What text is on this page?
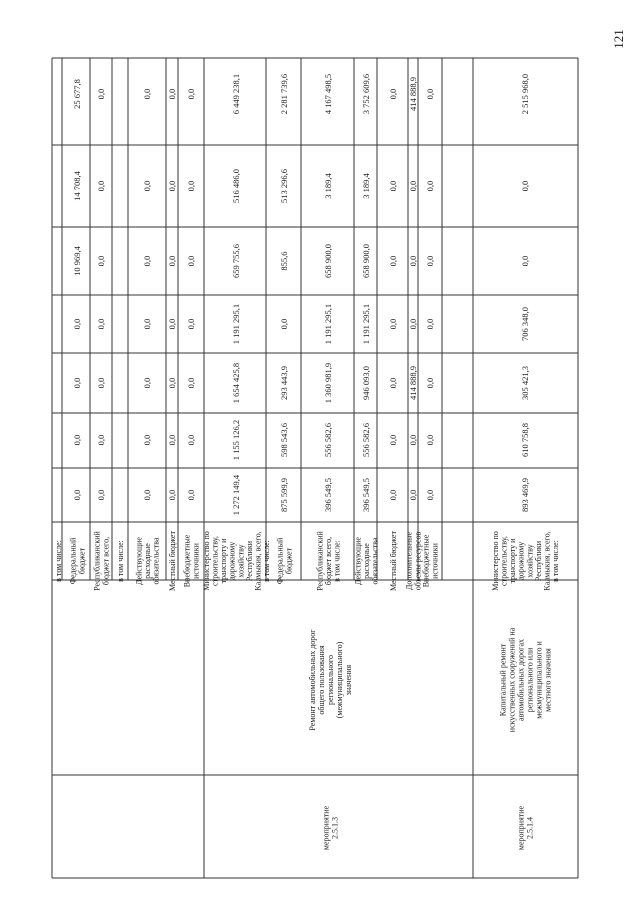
121
в том числе: Федеральный бюджет
25 677,8
14 708,4
10 969,4
0,0
0,0
0,0
0,0
Республиканский бюджет всего,
0,0
0,0
0,0
0,0
0,0
0,0
0,0
в том числе: Действующие расходные обязательства
0,0
0,0
0,0
0,0
0,0
0,0
0,0
Местный бюджет
0,0
0,0
0,0
0,0
0,0
0,0
0,0
Внебюджетные источники
0,0
0,0
0,0
0,0
0,0
0,0
0,0
Министерство по строительству, транспорту и дорожному хозяйству Республики Калмыкия, всего, в том числе:
6 449 238,1
516 486,0
659 755,6
1 191 295,1
1 654 425,8
1 155 126,2
1 272 149,4
Федеральный бюджет
2 281 739,6
513 296,6
855,6
0,0
293 443,9
598 543,6
875 599,9
Республиканский бюджет всего, в том числе:
4 167 498,5
3 189,4
658 900,0
1 191 295,1
1 360 981,9
556 582,6
396 549,5
Действующие расходные обязательства
3 752 609,6
3 189,4
658 900,0
1 191 295,1
946 093,0
556 582,6
396 549,5
Местный бюджет
0,0
0,0
0,0
0,0
0,0
0,0
0,0
Дополнительные объемы ресурсов
414 888,9
0,0
0,0
0,0
414 888,9
0,0
0,0
Внебюджетные источники
0,0
0,0
0,0
0,0
0,0
0,0
0,0
Министерство по строительству, транспорту и дорожному хозяйству Республики Калмыкия, всего, в том числе:
2 515 968,0
0,0
0,0
706 348,0
305 421,3
610 758,8
893 469,9
мероприятие 2.5.1.3
Ремонт автомобильных дорог общего пользования регионального (межмуниципального) значения
мероприятие 2.5.1.4
Капитальный ремонт искусственных сооружений на автомобильных дорогах регионального или межмуниципального и местного значения
